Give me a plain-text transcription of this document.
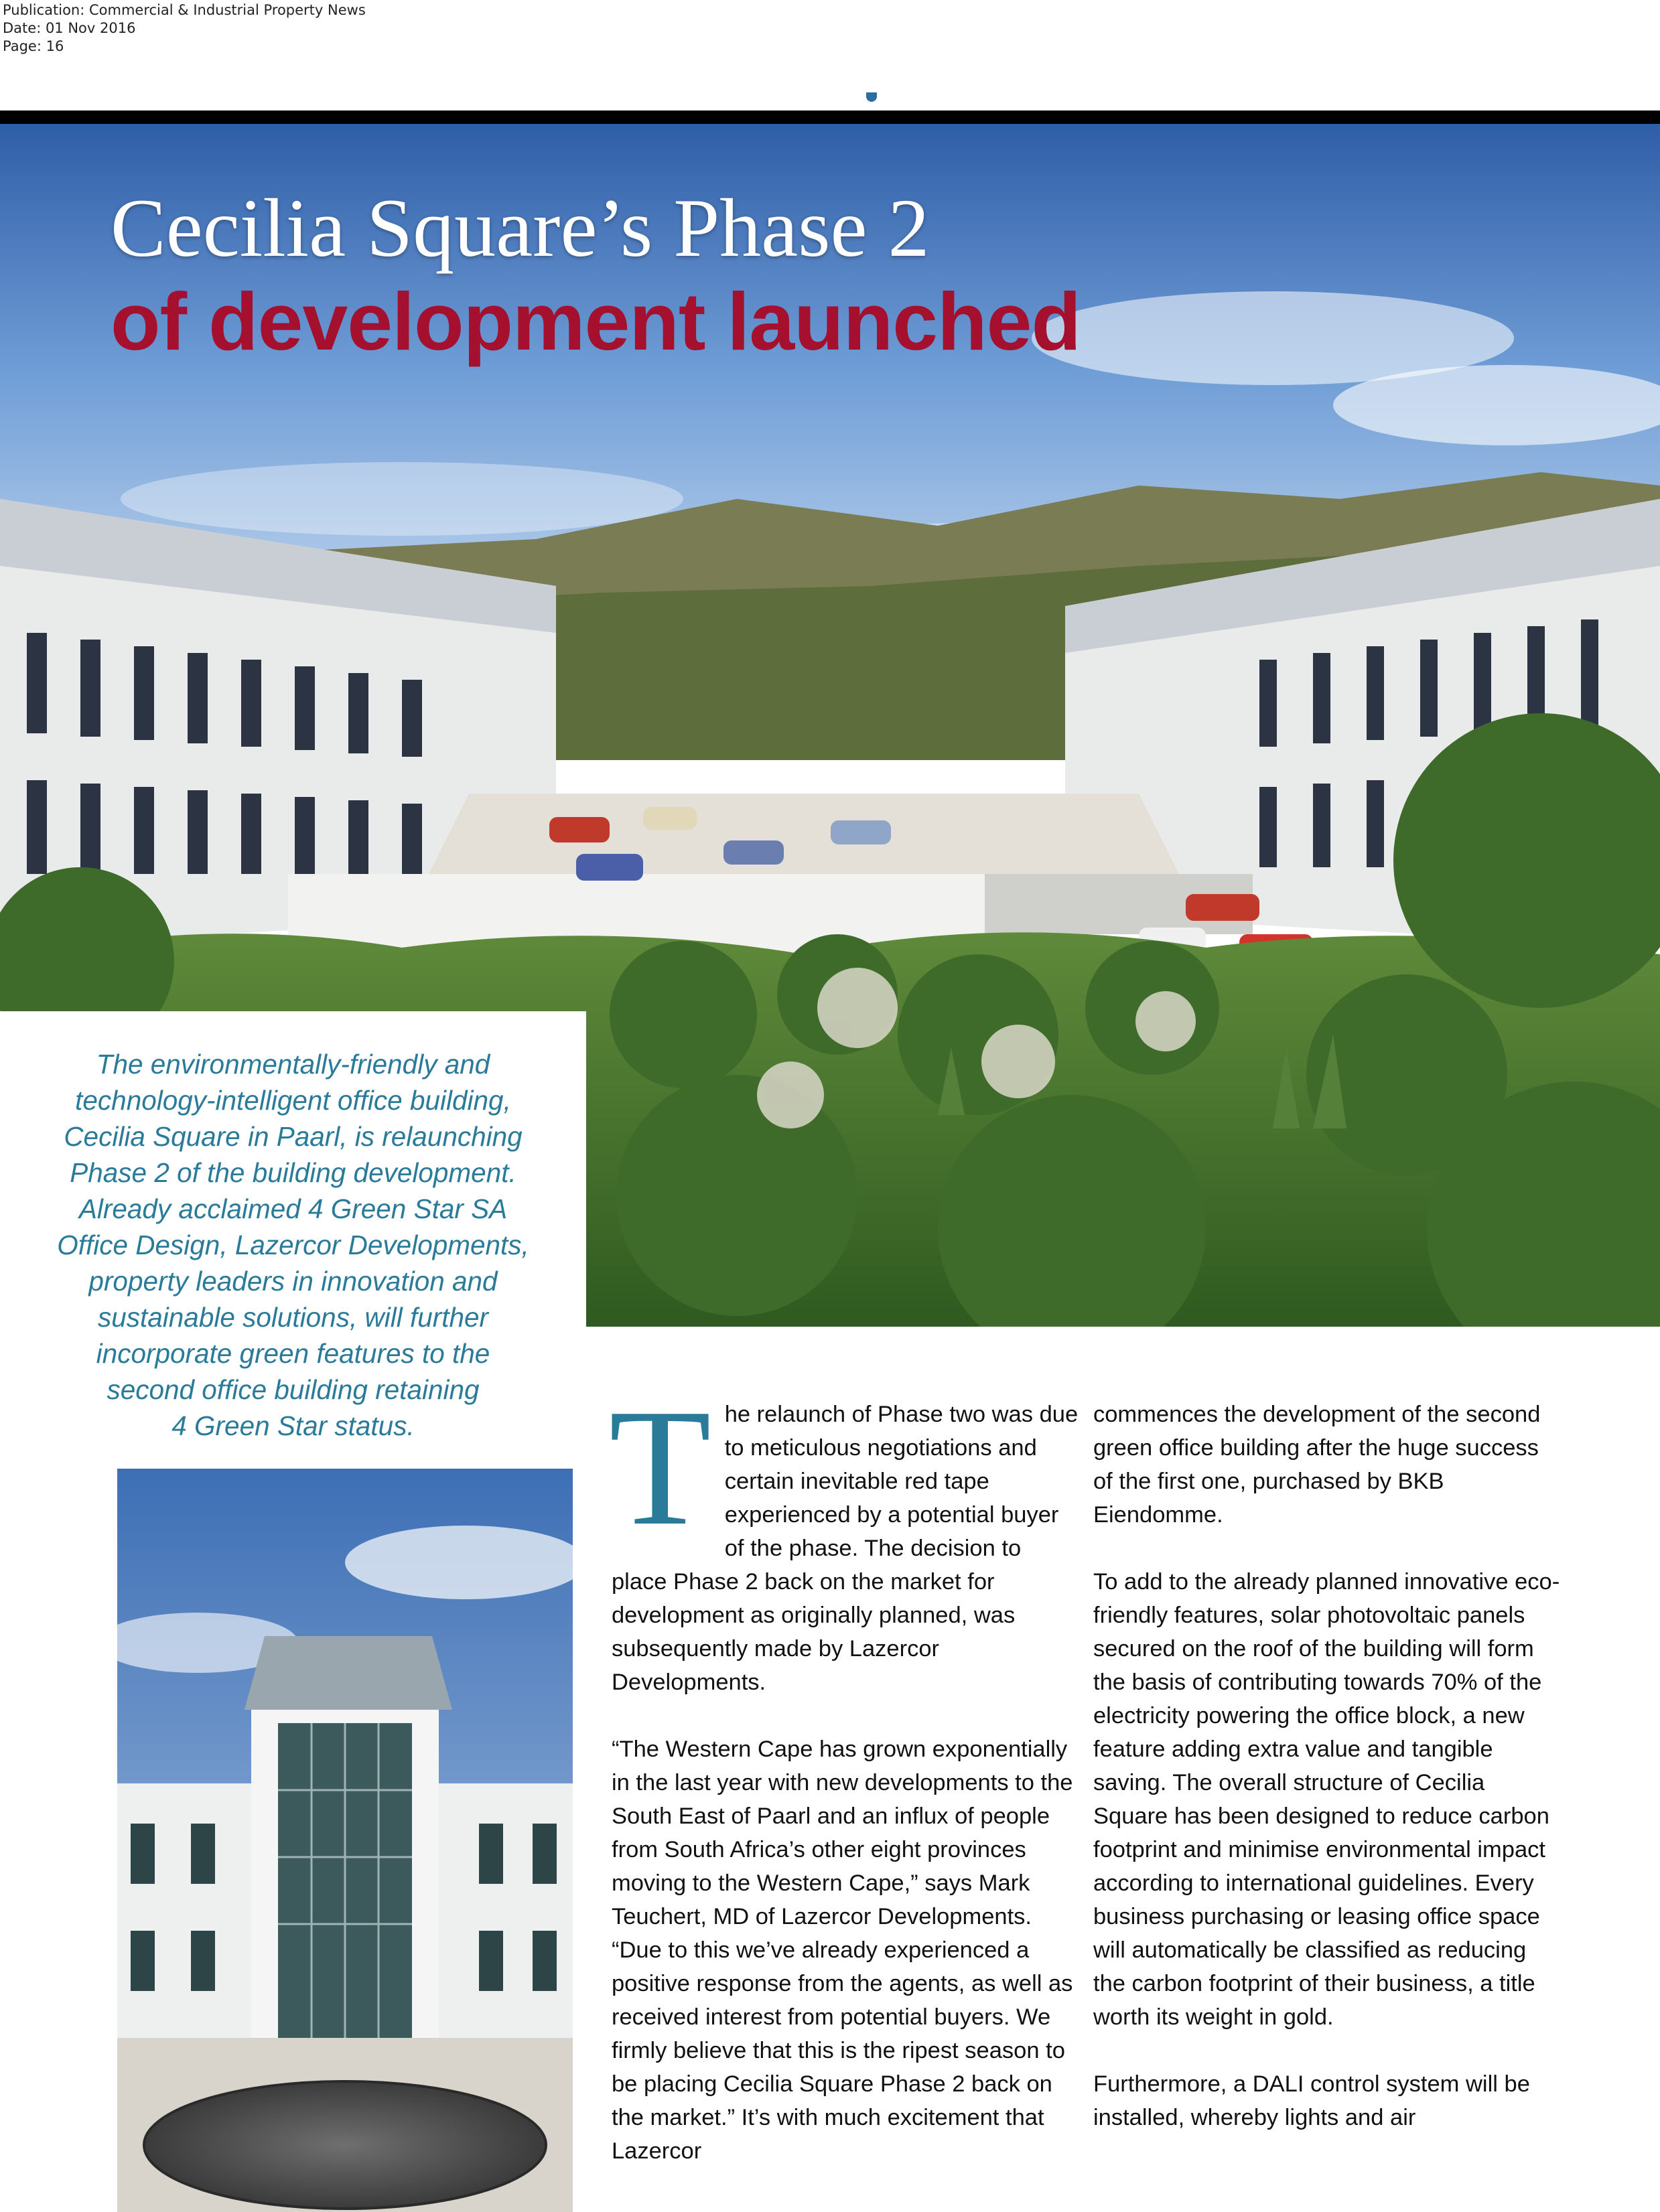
Publication: Commercial & Industrial Property News
Date: 01 Nov 2016
Page: 16
Cecilia Square’s Phase 2
of development launched
The environmentally-friendly and
technology-intelligent office building,
Cecilia Square in Paarl, is relaunching
Phase 2 of the building development.
Already acclaimed 4 Green Star SA
Office Design, Lazercor Developments,
property leaders in innovation and
sustainable solutions, will further
incorporate green features to the
second office building retaining
4 Green Star status.	The relaunch of Phase two was due to meticulous negotiations and certain inevitable red tape experienced by a potential buyer of the phase. The decision to place Phase 2 back on the market for development as originally planned, was subsequently made by Lazercor Developments.

“The Western Cape has grown exponentially in the last year with new developments to the South East of Paarl and an influx of people from South Africa’s other eight provinces moving to the Western Cape,” says Mark Teuchert, MD of Lazercor Developments. “Due to this we’ve already experienced a positive response from the agents, as well as received interest from potential buyers. We firmly believe that this is the ripest season to be placing Cecilia Square Phase 2 back on the market.” It’s with much excitement that Lazercor

commences the development of the second green office building after the huge success of the first one, purchased by BKB Eiendomme.

To add to the already planned innovative eco-friendly features, solar photovoltaic panels secured on the roof of the building will form the basis of contributing towards 70% of the electricity powering the office block, a new feature adding extra value and tangible saving. The overall structure of Cecilia Square has been designed to reduce carbon footprint and minimise environmental impact according to international guidelines. Every business purchasing or leasing office space will automatically be classified as reducing the carbon footprint of their business, a title worth its weight in gold.

Furthermore, a DALI control system will be installed, whereby lights and air
